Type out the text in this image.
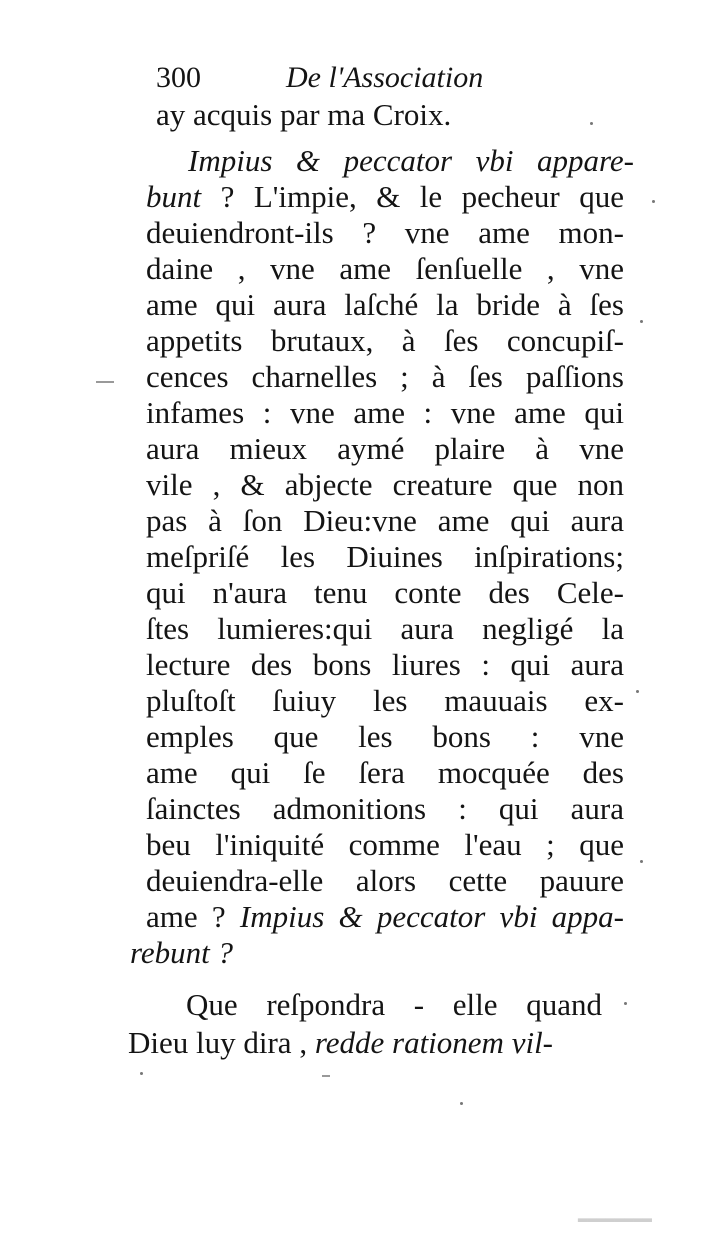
300	De l'Association
ay acquis par ma Croix.
Impius & peccator vbi appare-
bunt ? L'impie, & le pecheur que
deuiendront-ils ? vne ame mon-
daine , vne ame ſenſuelle , vne
ame qui aura laſché la bride à ſes
appetits brutaux, à ſes concupiſ-
cences charnelles ; à ſes paſſions
infames : vne ame : vne ame qui
aura mieux aymé plaire à vne
vile , & abjecte creature que non
pas à ſon Dieu:vne ame qui aura
meſpriſé les Diuines inſpirations;
qui n'aura tenu conte des Cele-
ſtes lumieres:qui aura negligé la
lecture des bons liures : qui aura
pluſtoſt ſuiuy les mauuais ex-
emples que les bons : vne
ame qui ſe ſera mocquée des
ſainctes admonitions : qui aura
beu l'iniquité comme l'eau ; que
deuiendra-elle alors cette pauure
ame ? Impius & peccator vbi appa-
rebunt ?
Que reſpondra - elle quand
Dieu luy dira , redde rationem vil-
▂▂▂▂▂▂▂▂
